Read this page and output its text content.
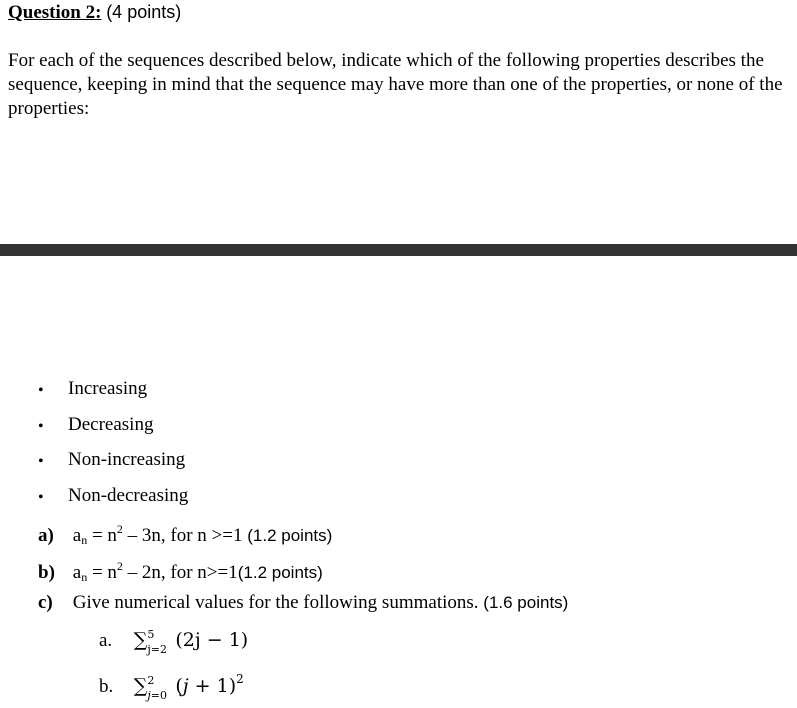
Question 2: (4 points)
For each of the sequences described below, indicate which of the following properties describes the sequence, keeping in mind that the sequence may have more than one of the properties, or none of the properties:
• Increasing
• Decreasing
• Non-increasing
• Non-decreasing
a) $a_n = n^2 - 3n$, for n >=1 (1.2 points)
b) $a_n = n^2 - 2n$, for n>=1(1.2 points)
c) Give numerical values for the following summations. (1.6 points)
a. ∑ 5
j=2 (2j − 1)
b. ∑ 2
𝑗=0 (𝑗 + 1)$^2$
